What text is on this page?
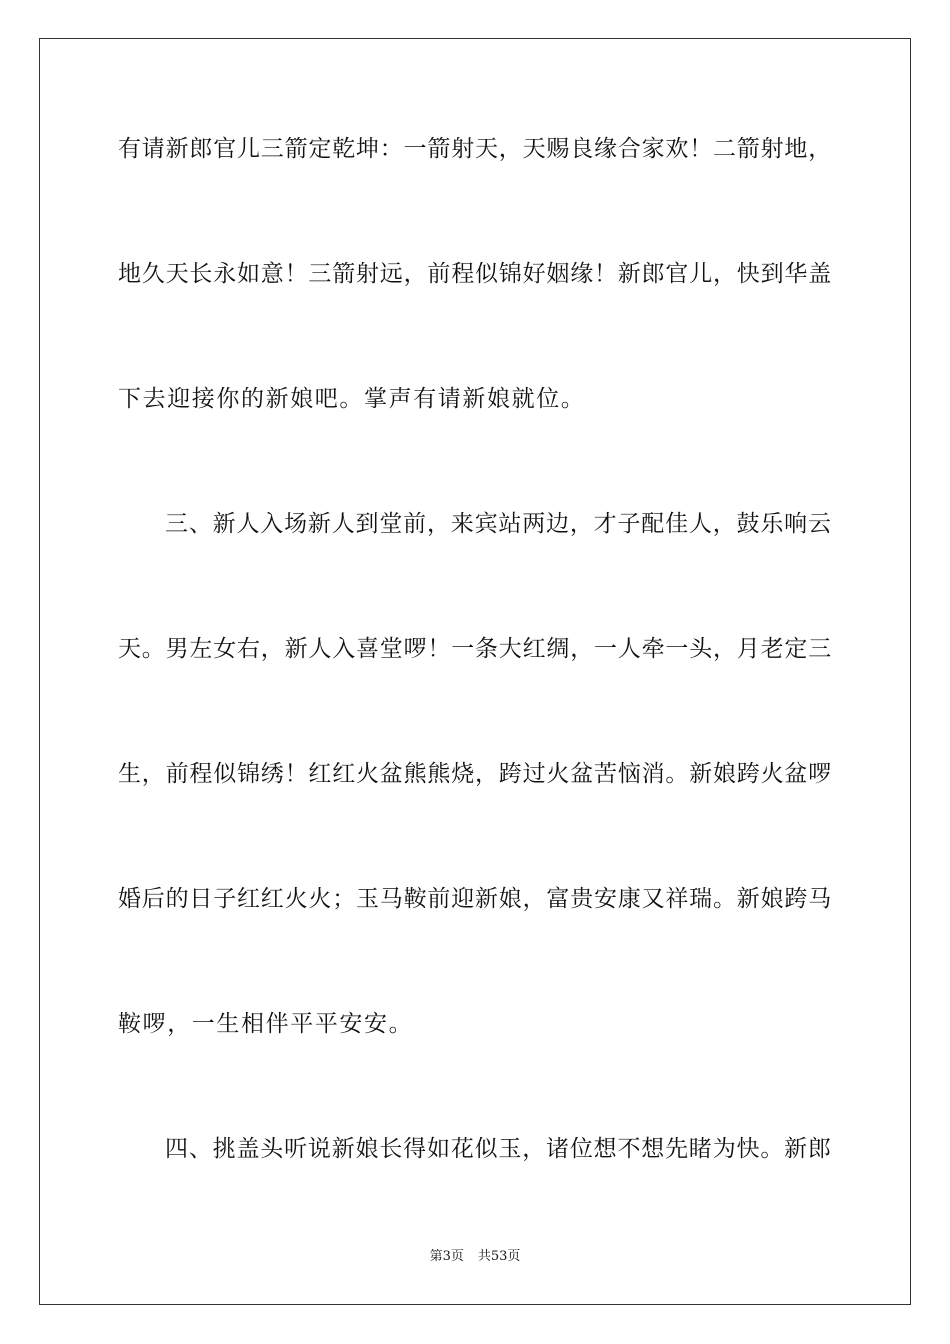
有请新郎官儿三箭定乾坤：一箭射天，天赐良缘合家欢！二箭射地，
地久天长永如意！三箭射远，前程似锦好姻缘！新郎官儿，快到华盖
下去迎接你的新娘吧。掌声有请新娘就位。
三、新人入场新人到堂前，来宾站两边，才子配佳人，鼓乐响云
天。男左女右，新人入喜堂啰！一条大红绸，一人牵一头，月老定三
生，前程似锦绣！红红火盆熊熊烧，跨过火盆苦恼消。新娘跨火盆啰
婚后的日子红红火火；玉马鞍前迎新娘，富贵安康又祥瑞。新娘跨马
鞍啰，一生相伴平平安安。
四、挑盖头听说新娘长得如花似玉，诸位想不想先睹为快。新郎
第3页 共53页
